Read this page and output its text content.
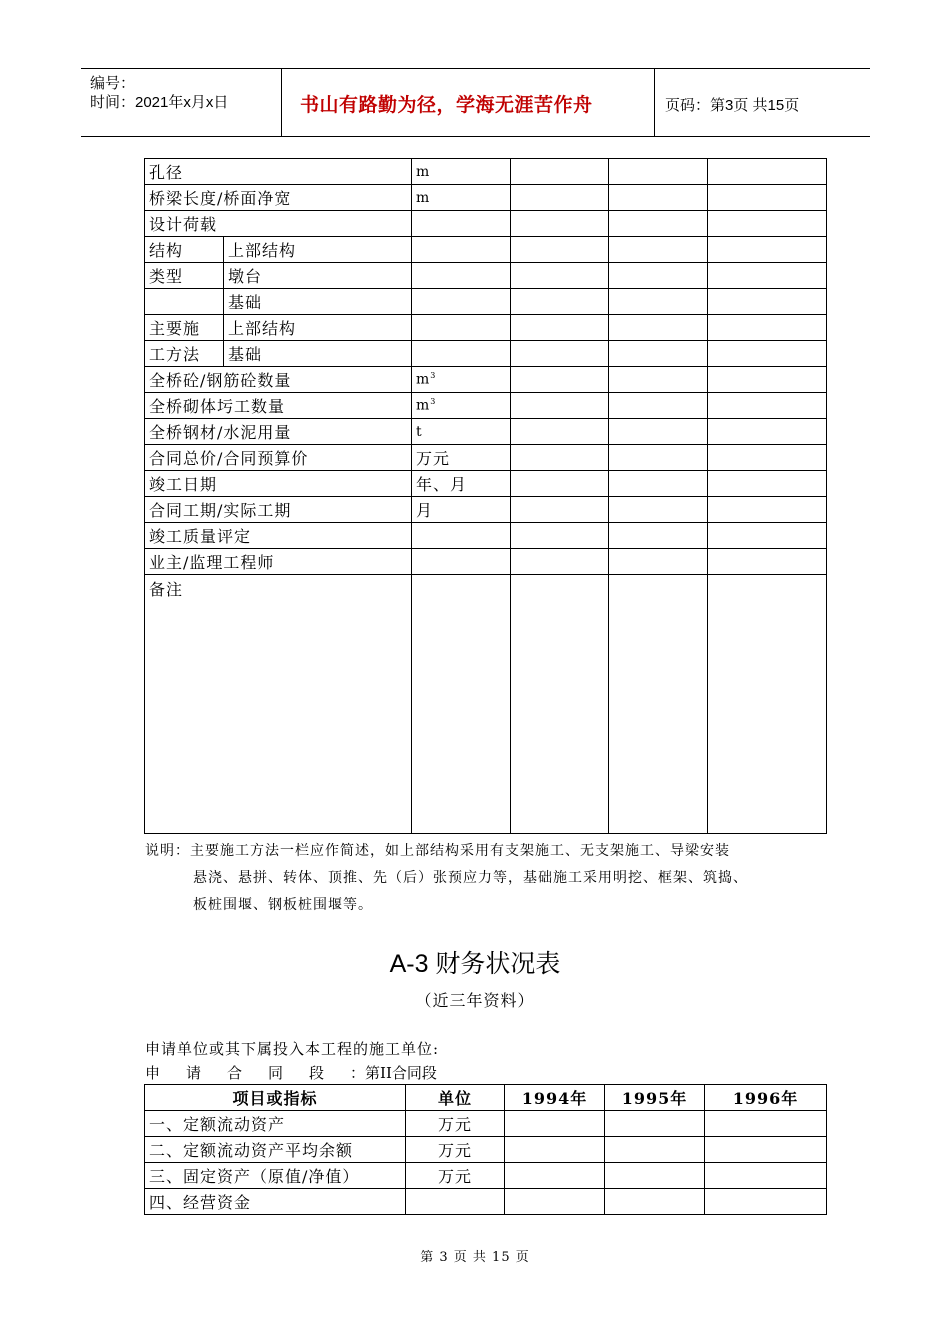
编号：
时间：2021年x月x日	书山有路勤为径，学海无涯苦作舟	页码：第3页 共15页
孔径		m			
桥梁长度/桥面净宽		m			
设计荷载					
结构	上部结构				
类型	墩台				
	基础				
主要施	上部结构				
工方法	基础				
全桥砼/钢筋砼数量		$m^3$			
全桥砌体圬工数量		$m^3$			
全桥钢材/水泥用量		t			
合同总价/合同预算价		万元			
竣工日期		年、月			
合同工期/实际工期		月			
竣工质量评定					
业主/监理工程师					
备注					
说明：主要施工方法一栏应作简述，如上部结构采用有支架施工、无支架施工、导梁安装
悬浇、悬拼、转体、顶推、先（后）张预应力等，基础施工采用明挖、框架、筑捣、
板桩围堰、钢板桩围堰等。
A-3 财务状况表
（近三年资料）
申请单位或其下属投入本工程的施工单位:
申请合同段：第II合同段
项目或指标	单位	1994年	1995年	1996年
一、定额流动资产	万元			
二、定额流动资产平均余额	万元			
三、固定资产（原值/净值）	万元			
四、经营资金				
第 3 页 共 15 页
